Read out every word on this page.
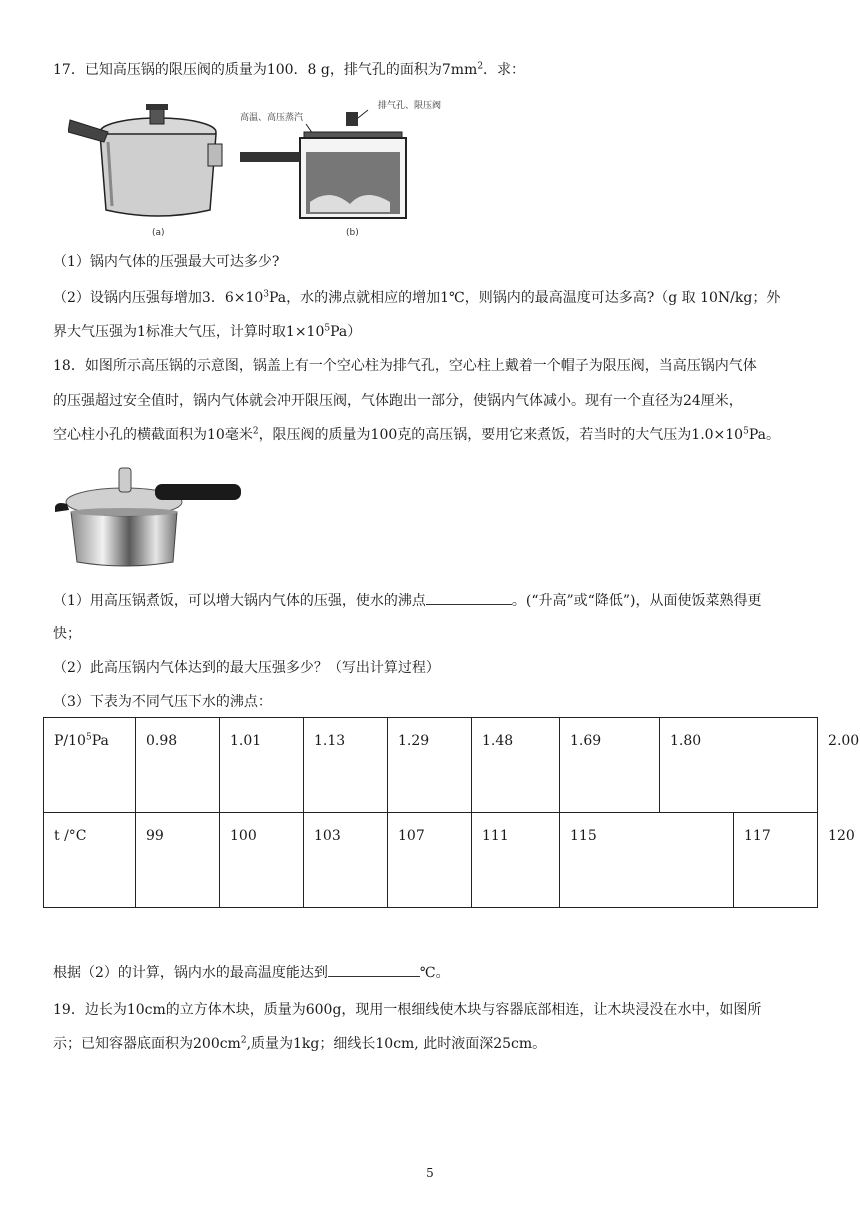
17．已知高压锅的限压阀的质量为100．8 g，排气孔的面积为$7mm^2$．求：
(a)
高温、高压蒸汽
排气孔、限压阀
(b)
（1）锅内气体的压强最大可达多少?
（2）设锅内压强每增加3．$6\times 10^3Pa$，水的沸点就相应的增加1℃，则锅内的最高温度可达多高?（g 取 10N/kg；外
界大气压强为1标准大气压，计算时取$1\times 10^5Pa$）
18．如图所示高压锅的示意图，锅盖上有一个空心柱为排气孔，空心柱上戴着一个帽子为限压阀，当高压锅内气体
的压强超过安全值时，锅内气体就会冲开限压阀，气体跑出一部分，使锅内气体减小。现有一个直径为24厘米，
空心柱小孔的横截面积为10毫米$^2$，限压阀的质量为100克的高压锅，要用它来煮饭，若当时的大气压为$1.0\times 10^5Pa$。
（1）用高压锅煮饭，可以增大锅内气体的压强，使水的沸点	。(“升高”或“降低”)，从面使饭菜熟得更
快；
（2）此高压锅内气体达到的最大压强多少？（写出计算过程）
（3）下表为不同气压下水的沸点：
$P/10^5Pa$	0.98	1.01	1.13	1.29	1.48	1.69	1.80		2.00
t /°C	99	100	103	107	111	115		117	120
根据（2）的计算，锅内水的最高温度能达到	℃。
19．边长为10cm的立方体木块，质量为600g，现用一根细线使木块与容器底部相连，让木块浸没在水中，如图所
示；已知容器底面积为$200cm^2$,质量为1kg；细线长10cm, 此时液面深25cm。
5
